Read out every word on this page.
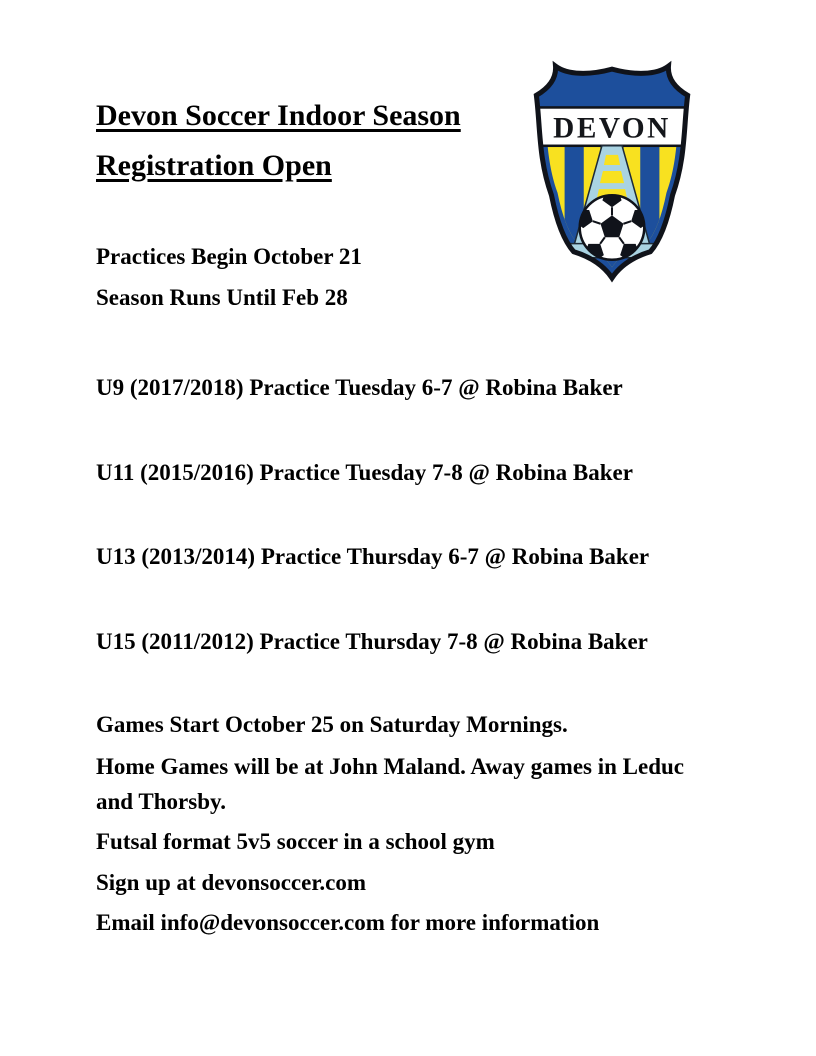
Devon Soccer Indoor Season
Registration Open
Practices Begin October 21
Season Runs Until Feb 28
U9 (2017/2018) Practice Tuesday 6-7 @ Robina Baker
U11 (2015/2016) Practice Tuesday 7-8 @ Robina Baker
U13 (2013/2014) Practice Thursday 6-7 @ Robina Baker
U15 (2011/2012) Practice Thursday 7-8 @ Robina Baker
Games Start October 25 on Saturday Mornings.
Home Games will be at John Maland. Away games in Leduc
and Thorsby.
Futsal format 5v5 soccer in a school gym
Sign up at devonsoccer.com
Email info@devonsoccer.com for more information
DEVON
